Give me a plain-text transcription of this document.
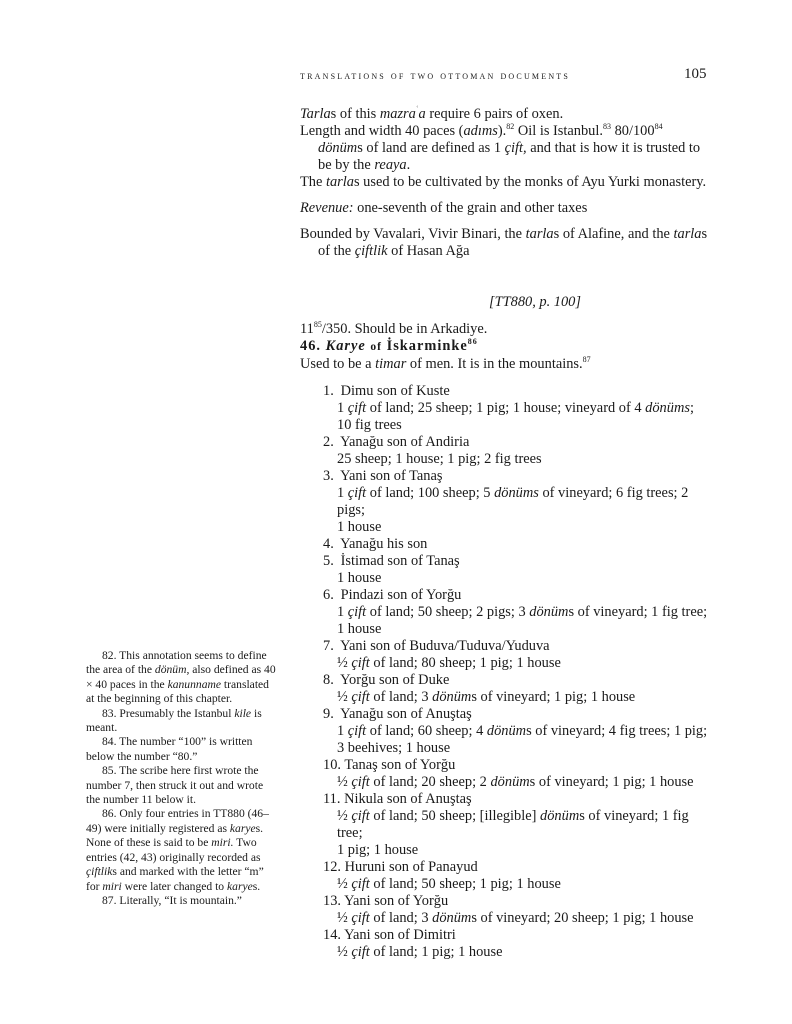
translations of two ottoman documents	105

Tarlas of this mazra$^ʿ$a require 6 pairs of oxen.

Length and width 40 paces (adıms).$^{82}$ Oil is Istanbul.$^{83}$ $80/100^{84}$
dönüms of land are defined as 1 çift, and that is how it is trusted to be by the reaya.

The tarlas used to be cultivated by the monks of Ayu Yurki monastery.

Revenue: one-seventh of the grain and other taxes

Bounded by Vavalari, Vivir Binari, the tarlas of Alafine, and the tarlas of the çiftlik of Hasan Ağa

[TT880, p. 100]

$11^{85}/350$. Should be in Arkadiye.

46. Karye of İskarminke$^{86}$

Used to be a timar of men. It is in the mountains.$^{87}$

1. Dimu son of Kuste
1 çift of land; 25 sheep; 1 pig; 1 house; vineyard of 4 dönüms;
10 fig trees
2. Yanağu son of Andiria
25 sheep; 1 house; 1 pig; 2 fig trees
3. Yani son of Tanaş
1 çift of land; 100 sheep; 5 dönüms of vineyard; 6 fig trees; 2 pigs;
1 house
4. Yanağu his son
5. İstimad son of Tanaş
1 house
6. Pindazi son of Yorğu
1 çift of land; 50 sheep; 2 pigs; 3 dönüms of vineyard; 1 fig tree;
1 house
7. Yani son of Buduva/Tuduva/Yuduva
½ çift of land; 80 sheep; 1 pig; 1 house
8. Yorğu son of Duke
½ çift of land; 3 dönüms of vineyard; 1 pig; 1 house
9. Yanağu son of Anuştaş
1 çift of land; 60 sheep; 4 dönüms of vineyard; 4 fig trees; 1 pig;
3 beehives; 1 house
10. Tanaş son of Yorğu
½ çift of land; 20 sheep; 2 dönüms of vineyard; 1 pig; 1 house
11. Nikula son of Anuştaş
½ çift of land; 50 sheep; [illegible] dönüms of vineyard; 1 fig tree;
1 pig; 1 house
12. Huruni son of Panayud
½ çift of land; 50 sheep; 1 pig; 1 house
13. Yani son of Yorğu
½ çift of land; 3 dönüms of vineyard; 20 sheep; 1 pig; 1 house
14. Yani son of Dimitri
½ çift of land; 1 pig; 1 house

82. This annotation seems to define the area of the dönüm, also defined as 40 × 40 paces in the kanunname translated at the beginning of this chapter.

83. Presumably the Istanbul kile is meant.

84. The number “100” is written below the number “80.”

85. The scribe here first wrote the number 7, then struck it out and wrote the number 11 below it.

86. Only four entries in TT880 (46–49) were initially registered as karyes. None of these is said to be miri. Two entries (42, 43) originally recorded as çiftliks and marked with the letter “m” for miri were later changed to karyes.

87. Literally, “It is mountain.”
